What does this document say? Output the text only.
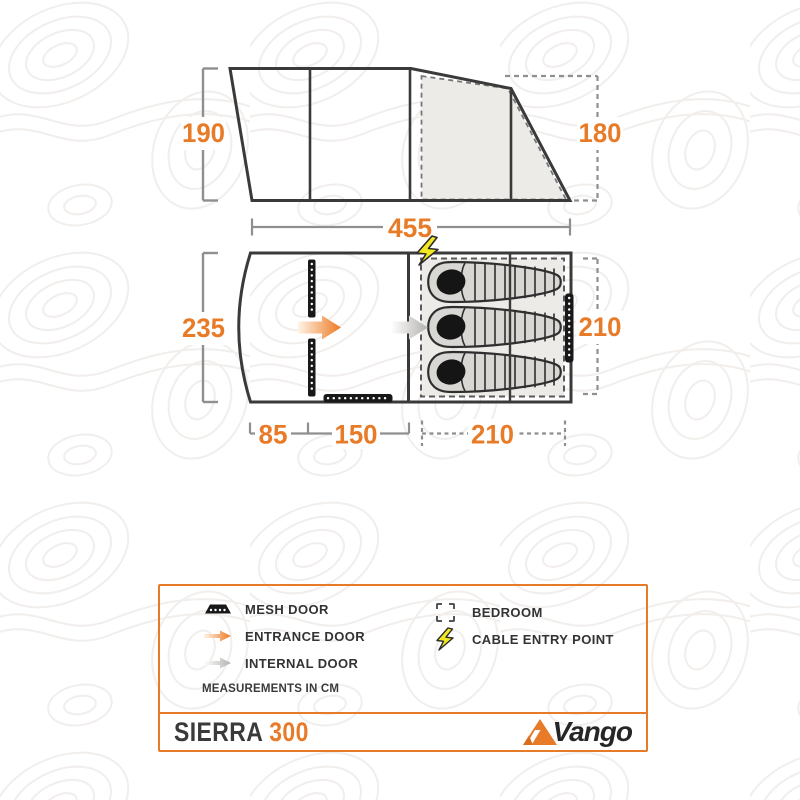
190	180
455
235	210
85 150	210
MESH DOOR
ENTRANCE DOOR
INTERNAL DOOR
BEDROOM
CABLE ENTRY POINT
MEASUREMENTS IN CM
SIERRA 300	Vango
